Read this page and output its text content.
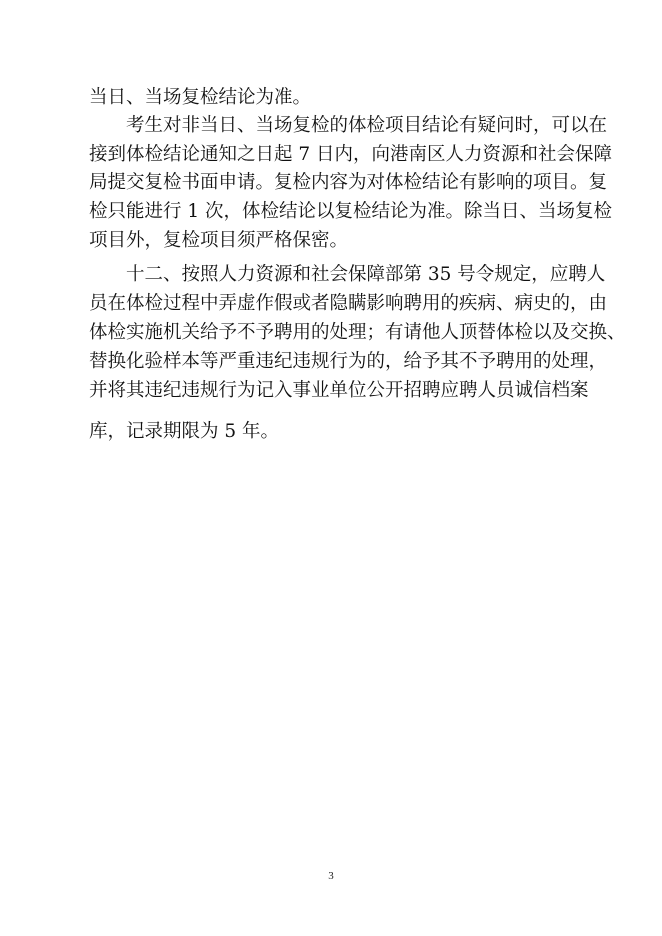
当日、当场复检结论为准。
考生对非当日、当场复检的体检项目结论有疑问时，可以在
接到体检结论通知之日起 7 日内，向港南区人力资源和社会保障
局提交复检书面申请。复检内容为对体检结论有影响的项目。复
检只能进行 1 次，体检结论以复检结论为准。除当日、当场复检
项目外，复检项目须严格保密。
十二、按照人力资源和社会保障部第 35 号令规定，应聘人
员在体检过程中弄虚作假或者隐瞒影响聘用的疾病、病史的，由
体检实施机关给予不予聘用的处理；有请他人顶替体检以及交换、
替换化验样本等严重违纪违规行为的，给予其不予聘用的处理，
并将其违纪违规行为记入事业单位公开招聘应聘人员诚信档案
库，记录期限为 5 年。
3
